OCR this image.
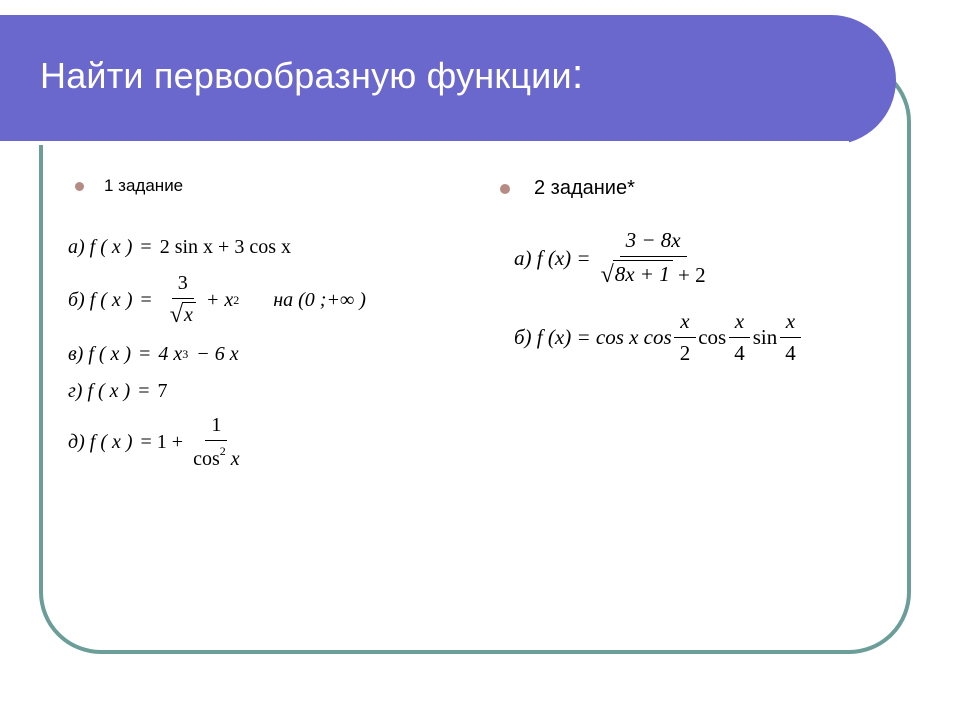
Найти первообразную функции:
1 задание	2 задание*
а) f ( x ) = 2 sin x + 3 cos x
б) f ( x ) = $\frac{3}{√ x} + x$ 2 на (0 ;+∞ )
в) f ( x ) = 4 x 3 − 6 x
г) f ( x ) = 7
д) f ( x ) = $1 + \frac{1}{\cos^2 x}$
а) f $(x) = \frac{3 - 8x}{√ 8x + 1 + 2}$
б) f (x) = cos x $\cos \frac{x}{2}$ $\cos \frac{x}{4}$ $\sin \frac{x}{4}$
